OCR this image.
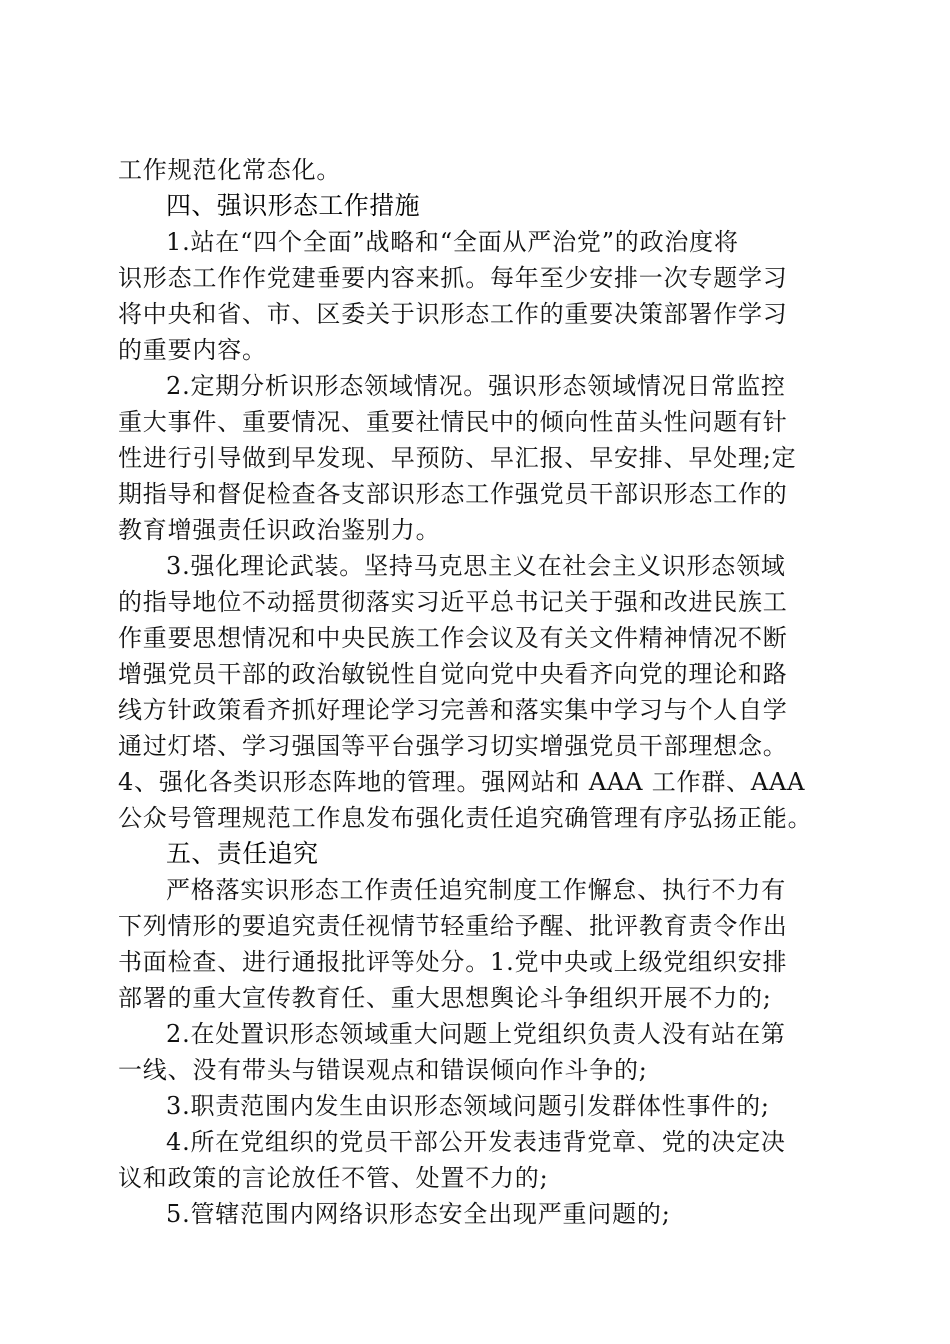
工作规范化常态化。
四、强识形态工作措施
1.站在“四个全面”战略和“全面从严治党”的政治度将
识形态工作作党建垂要内容来抓。每年至少安排一次专题学习
将中央和省、市、区委关于识形态工作的重要决策部署作学习
的重要内容。
2.定期分析识形态领域情况。强识形态领域情况日常监控
重大事件、重要情况、重要社情民中的倾向性苗头性问题有针
性进行引导做到早发现、早预防、早汇报、早安排、早处理;定
期指导和督促检查各支部识形态工作强党员干部识形态工作的
教育增强责任识政治鉴别力。
3.强化理论武装。坚持马克思主义在社会主义识形态领域
的指导地位不动摇贯彻落实习近平总书记关于强和改进民族工
作重要思想情况和中央民族工作会议及有关文件精神情况不断
增强党员干部的政治敏锐性自觉向党中央看齐向党的理论和路
线方针政策看齐抓好理论学习完善和落实集中学习与个人自学
通过灯塔、学习强国等平台强学习切实增强党员干部理想念。
4、强化各类识形态阵地的管理。强网站和 AAA 工作群、AAA
公众号管理规范工作息发布强化责任追究确管理有序弘扬正能。
五、责任追究
严格落实识形态工作责任追究制度工作懈怠、执行不力有
下列情形的要追究责任视情节轻重给予醒、批评教育责令作出
书面检查、进行通报批评等处分。1.党中央或上级党组织安排
部署的重大宣传教育任、重大思想舆论斗争组织开展不力的;
2.在处置识形态领域重大问题上党组织负责人没有站在第
一线、没有带头与错误观点和错误倾向作斗争的;
3.职责范围内发生由识形态领域问题引发群体性事件的;
4.所在党组织的党员干部公开发表违背党章、党的决定决
议和政策的言论放任不管、处置不力的;
5.管辖范围内网络识形态安全出现严重问题的;
